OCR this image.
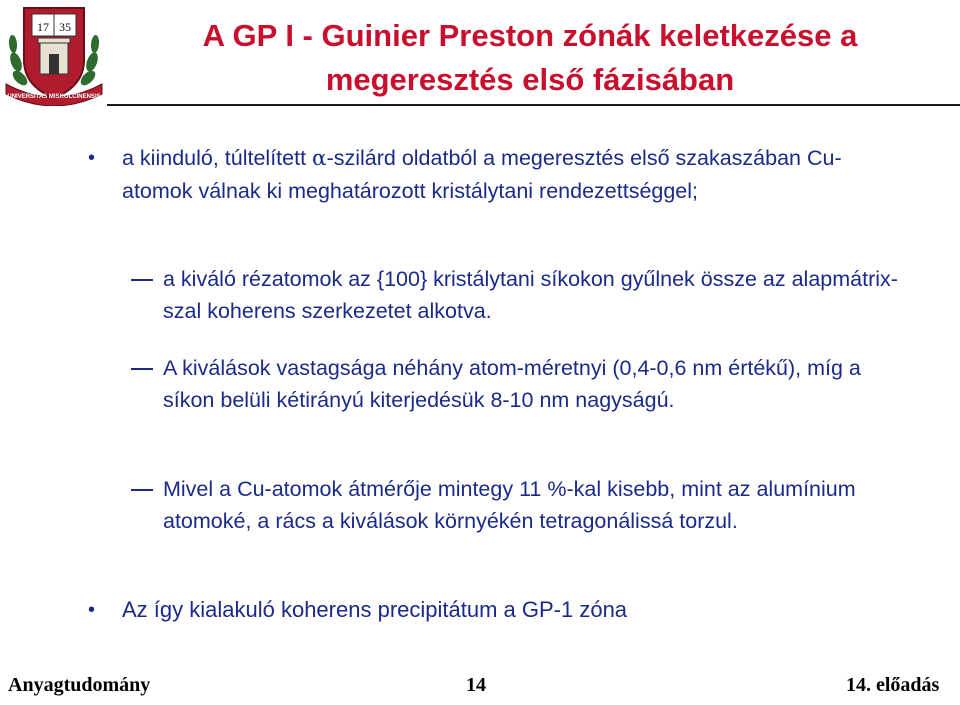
17 35
UNIVERSITAS MISKOLCINENSIS
A GP I - Guinier Preston zónák keletkezése a
megeresztés első fázisában
• a kiinduló, túltelített α-szilárd oldatból a megeresztés első szakaszában Cu-atomok válnak ki meghatározott kristálytani rendezettséggel;
a kiváló rézatomok az {100} kristálytani síkokon gyűlnek össze az alapmátrix-szal koherens szerkezetet alkotva.
A kiválások vastagsága néhány atom-méretnyi (0,4-0,6 nm értékű), míg a síkon belüli kétirányú kiterjedésük 8-10 nm nagyságú.
Mivel a Cu-atomok átmérője mintegy 11 %-kal kisebb, mint az alumínium atomoké, a rács a kiválások környékén tetragonálissá torzul.
• Az így kialakuló koherens precipitátum a GP-1 zóna
Anyagtudomány	14	14. előadás
